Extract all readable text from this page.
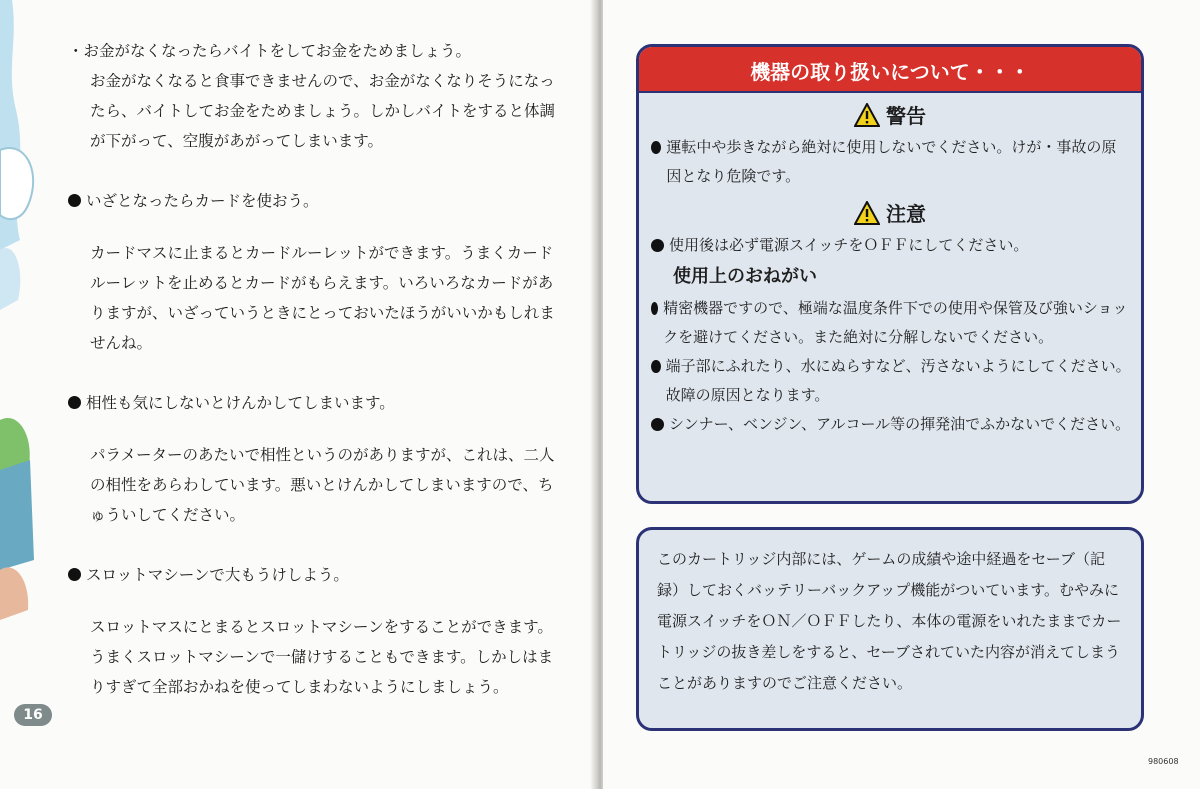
・お金がなくなったらバイトをしてお金をためましょう。

お金がなくなると食事できませんので、お金がなくなりそうになったら、バイトしてお金をためましょう。しかしバイトをすると体調が下がって、空腹があがってしまいます。

いざとなったらカードを使おう。

カードマスに止まるとカードルーレットができます。うまくカードルーレットを止めるとカードがもらえます。いろいろなカードがありますが、いざっていうときにとっておいたほうがいいかもしれませんね。

相性も気にしないとけんかしてしまいます。

パラメーターのあたいで相性というのがありますが、これは、二人の相性をあらわしています。悪いとけんかしてしまいますので、ちゅういしてください。

スロットマシーンで大もうけしよう。

スロットマスにとまるとスロットマシーンをすることができます。うまくスロットマシーンで一儲けすることもできます。しかしはまりすぎて全部おかねを使ってしまわないようにしましょう。

16
機器の取り扱いについて・・・
警告
運転中や歩きながら絶対に使用しないでください。けが・事故の原因となり危険です。
注意
使用後は必ず電源スイッチをＯＦＦにしてください。
使用上のおねがい
精密機器ですので、極端な温度条件下での使用や保管及び強いショックを避けてください。また絶対に分解しないでください。
端子部にふれたり、水にぬらすなど、汚さないようにしてください。故障の原因となります。
シンナー、ベンジン、アルコール等の揮発油でふかないでください。
このカートリッジ内部には、ゲームの成績や途中経過をセーブ（記録）しておくバッテリーバックアップ機能がついています。むやみに電源スイッチをＯＮ／ＯＦＦしたり、本体の電源をいれたままでカートリッジの抜き差しをすると、セーブされていた内容が消えてしまうことがありますのでご注意ください。
980608
